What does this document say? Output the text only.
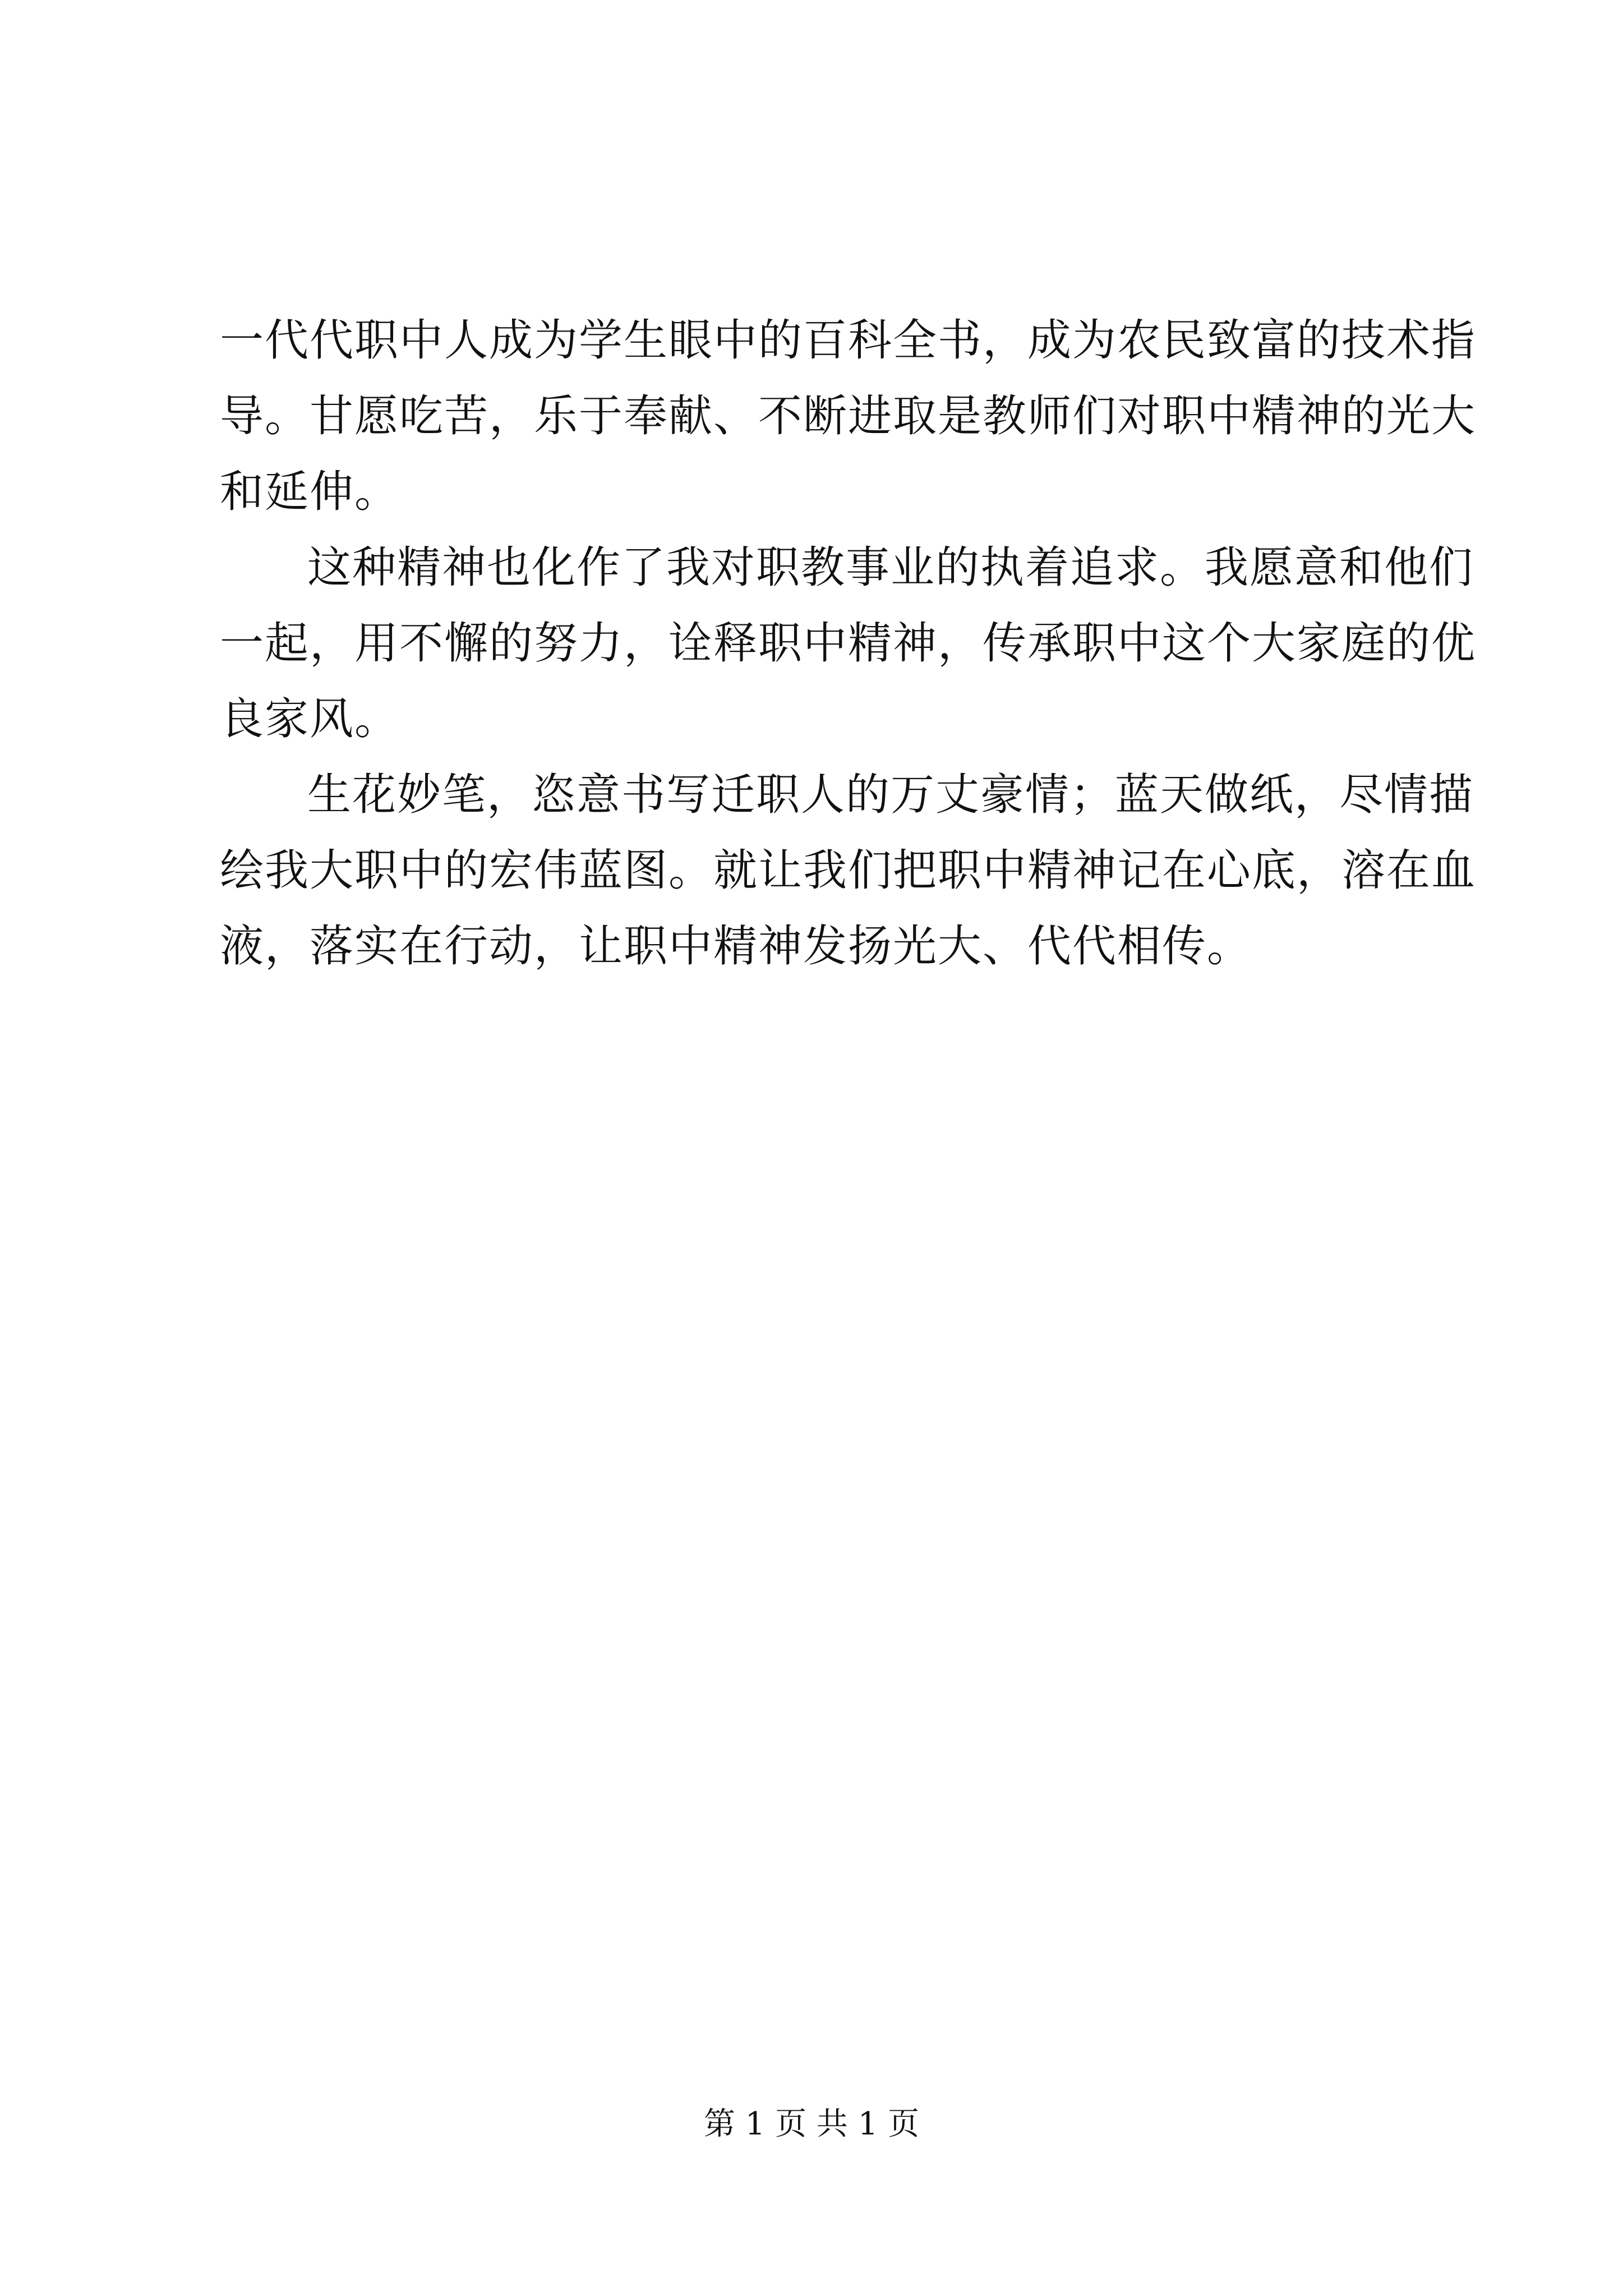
一代代职中人成为学生眼中的百科全书，成为农民致富的技术指
导。甘愿吃苦，乐于奉献、不断进取是教师们对职中精神的光大
和延伸。
这种精神也化作了我对职教事业的执着追求。我愿意和他们
一起，用不懈的努力，诠释职中精神，传承职中这个大家庭的优
良家风。
生花妙笔，恣意书写迁职人的万丈豪情；蓝天做纸，尽情描
绘我大职中的宏伟蓝图。就让我们把职中精神记在心底，溶在血
液，落实在行动，让职中精神发扬光大、代代相传。
第 1 页 共 1 页
